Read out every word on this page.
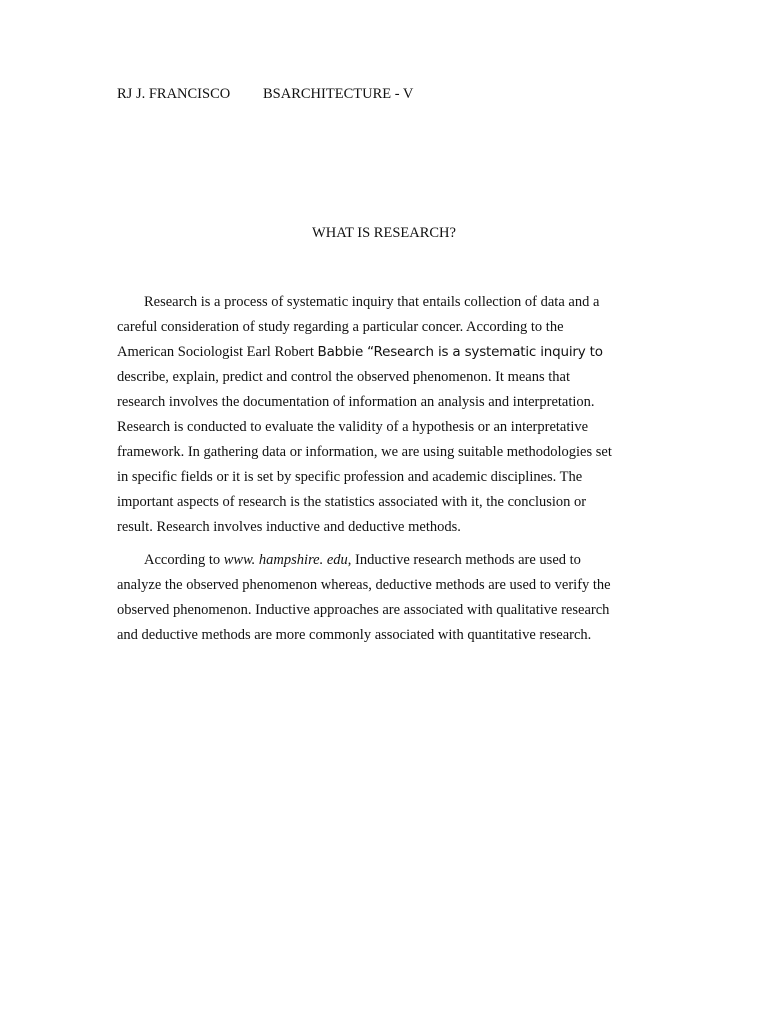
RJ J. FRANCISCO BSARCHITECTURE - V
WHAT IS RESEARCH?
Research is a process of systematic inquiry that entails collection of data and a
careful consideration of study regarding a particular concer. According to the
American Sociologist Earl Robert Babbie “Research is a systematic inquiry to
describe, explain, predict and control the observed phenomenon. It means that
research involves the documentation of information an analysis and interpretation.
Research is conducted to evaluate the validity of a hypothesis or an interpretative
framework. In gathering data or information, we are using suitable methodologies set
in specific fields or it is set by specific profession and academic disciplines. The
important aspects of research is the statistics associated with it, the conclusion or
result. Research involves inductive and deductive methods.
According to www. hampshire. edu, Inductive research methods are used to
analyze the observed phenomenon whereas, deductive methods are used to verify the
observed phenomenon. Inductive approaches are associated with qualitative research
and deductive methods are more commonly associated with quantitative research.
